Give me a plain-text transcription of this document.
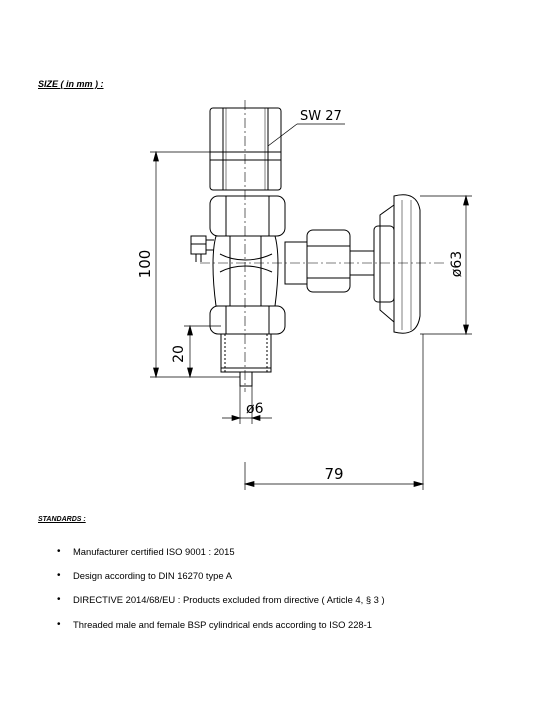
SIZE ( in mm ) :
SW 27
100
20
ø6
ø63
79
STANDARDS :
• Manufacturer certified ISO 9001 : 2015
• Design according to DIN 16270 type A
• DIRECTIVE 2014/68/EU : Products excluded from directive ( Article 4, § 3 )
• Threaded male and female BSP cylindrical ends according to ISO 228-1
